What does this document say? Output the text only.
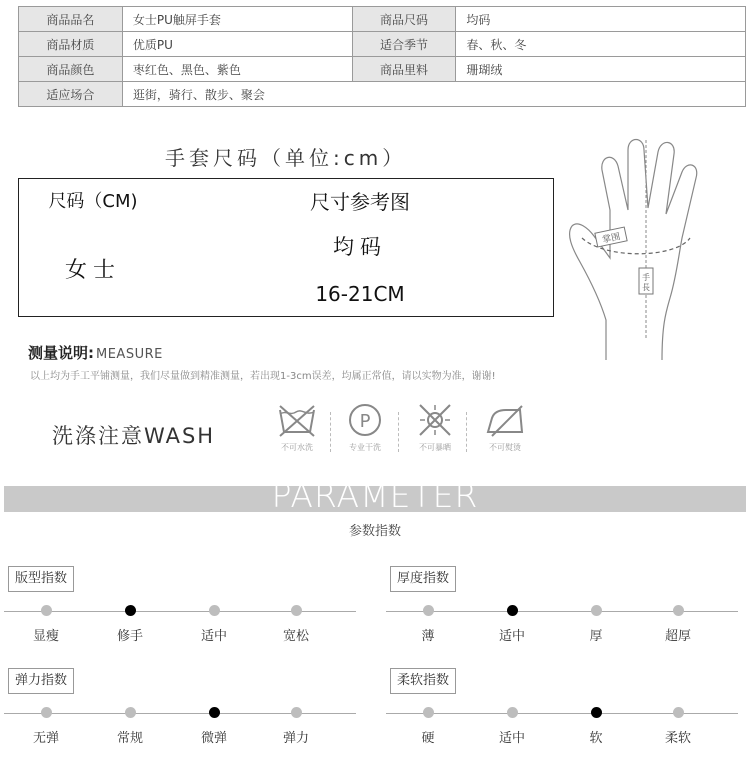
商品品名	女士PU触屏手套	商品尺码	均码
商品材质	优质PU	适合季节	春、秋、冬
商品颜色	枣红色、黑色、紫色	商品里料	珊瑚绒
适应场合	逛街，骑行、散步、聚会		
手套尺码（单位:cm）
尺码（CM)	尺寸参考图
女士
均码
16-21CM
掌围
手
長
测量说明: MEASURE
以上均为手工平铺测量，我们尽量做到精准测量，若出现1-3cm误差，均属正常值，请以实物为准，谢谢!
洗涤注意WASH	不可水洗
P
专业干洗	不可暴晒	不可熨烫
PARAMETER
参数指数
版型指数
显瘦	修手	适中	宽松
厚度指数
薄	适中	厚	超厚
弹力指数
无弹	常规	微弹	弹力
柔软指数
硬	适中	软	柔软
